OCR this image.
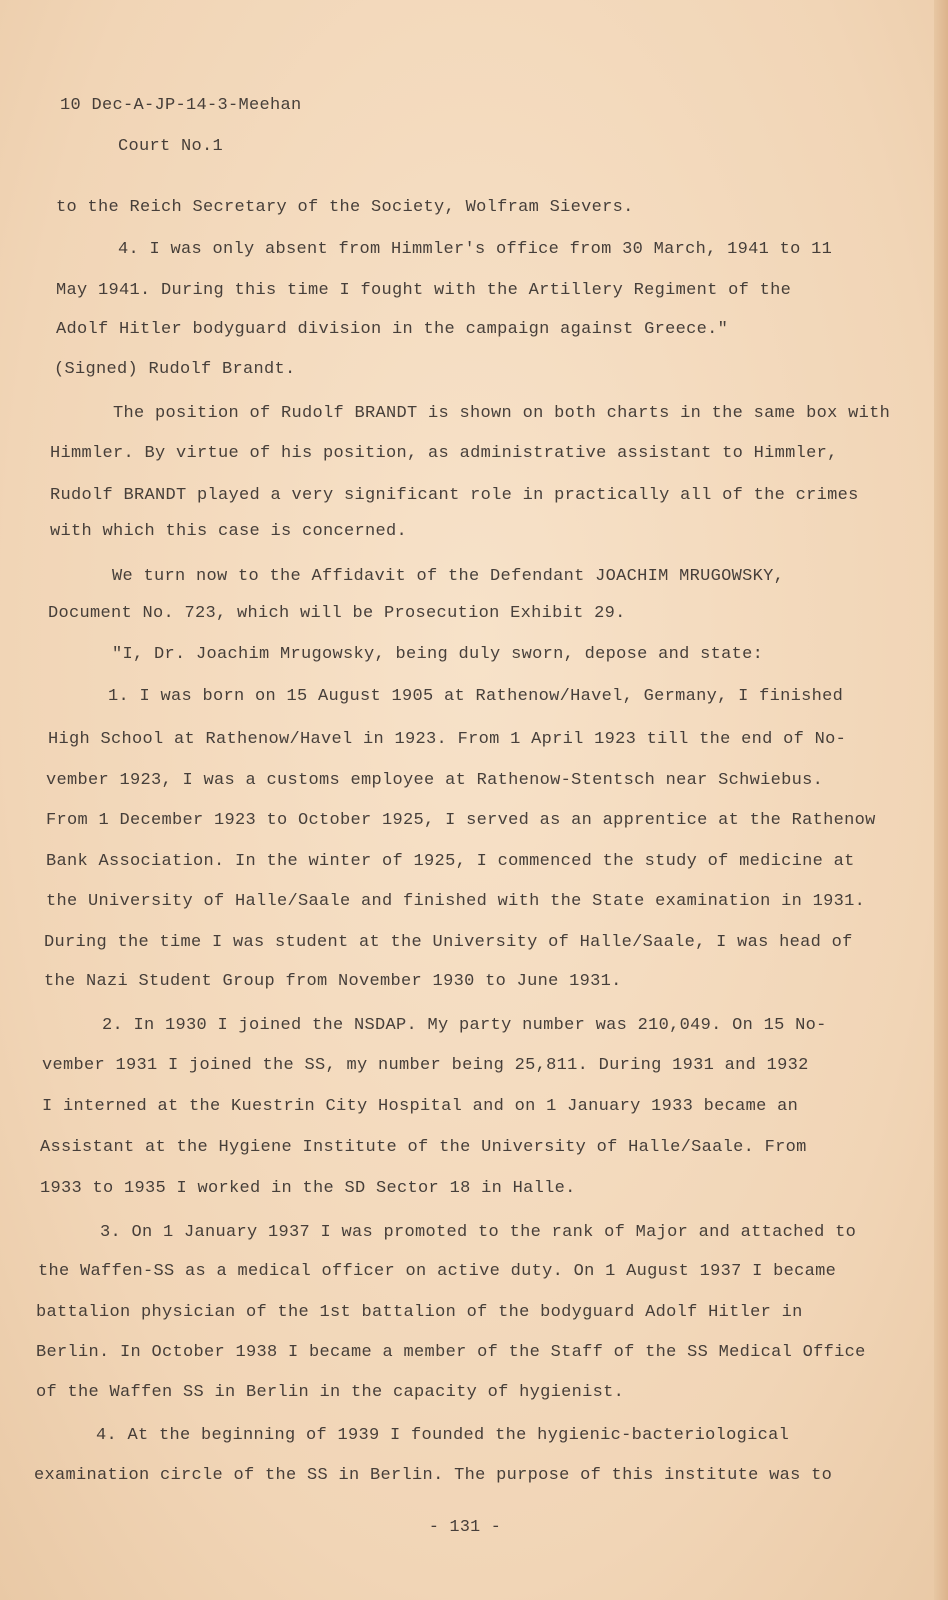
10 Dec-A-JP-14-3-Meehan
Court No.1
to the Reich Secretary of the Society, Wolfram Sievers.
4. I was only absent from Himmler's office from 30 March, 1941 to 11
May 1941. During this time I fought with the Artillery Regiment of the
Adolf Hitler bodyguard division in the campaign against Greece."
(Signed) Rudolf Brandt.
The position of Rudolf BRANDT is shown on both charts in the same box with
Himmler. By virtue of his position, as administrative assistant to Himmler,
Rudolf BRANDT played a very significant role in practically all of the crimes
with which this case is concerned.
We turn now to the Affidavit of the Defendant JOACHIM MRUGOWSKY,
Document No. 723, which will be Prosecution Exhibit 29.
"I, Dr. Joachim Mrugowsky, being duly sworn, depose and state:
1. I was born on 15 August 1905 at Rathenow/Havel, Germany, I finished
High School at Rathenow/Havel in 1923. From 1 April 1923 till the end of No-
vember 1923, I was a customs employee at Rathenow-Stentsch near Schwiebus.
From 1 December 1923 to October 1925, I served as an apprentice at the Rathenow
Bank Association. In the winter of 1925, I commenced the study of medicine at
the University of Halle/Saale and finished with the State examination in 1931.
During the time I was student at the University of Halle/Saale, I was head of
the Nazi Student Group from November 1930 to June 1931.
2. In 1930 I joined the NSDAP. My party number was 210,049. On 15 No-
vember 1931 I joined the SS, my number being 25,811. During 1931 and 1932
I interned at the Kuestrin City Hospital and on 1 January 1933 became an
Assistant at the Hygiene Institute of the University of Halle/Saale. From
1933 to 1935 I worked in the SD Sector 18 in Halle.
3. On 1 January 1937 I was promoted to the rank of Major and attached to
the Waffen-SS as a medical officer on active duty. On 1 August 1937 I became
battalion physician of the 1st battalion of the bodyguard Adolf Hitler in
Berlin. In October 1938 I became a member of the Staff of the SS Medical Office
of the Waffen SS in Berlin in the capacity of hygienist.
4. At the beginning of 1939 I founded the hygienic-bacteriological
examination circle of the SS in Berlin. The purpose of this institute was to
- 131 -
